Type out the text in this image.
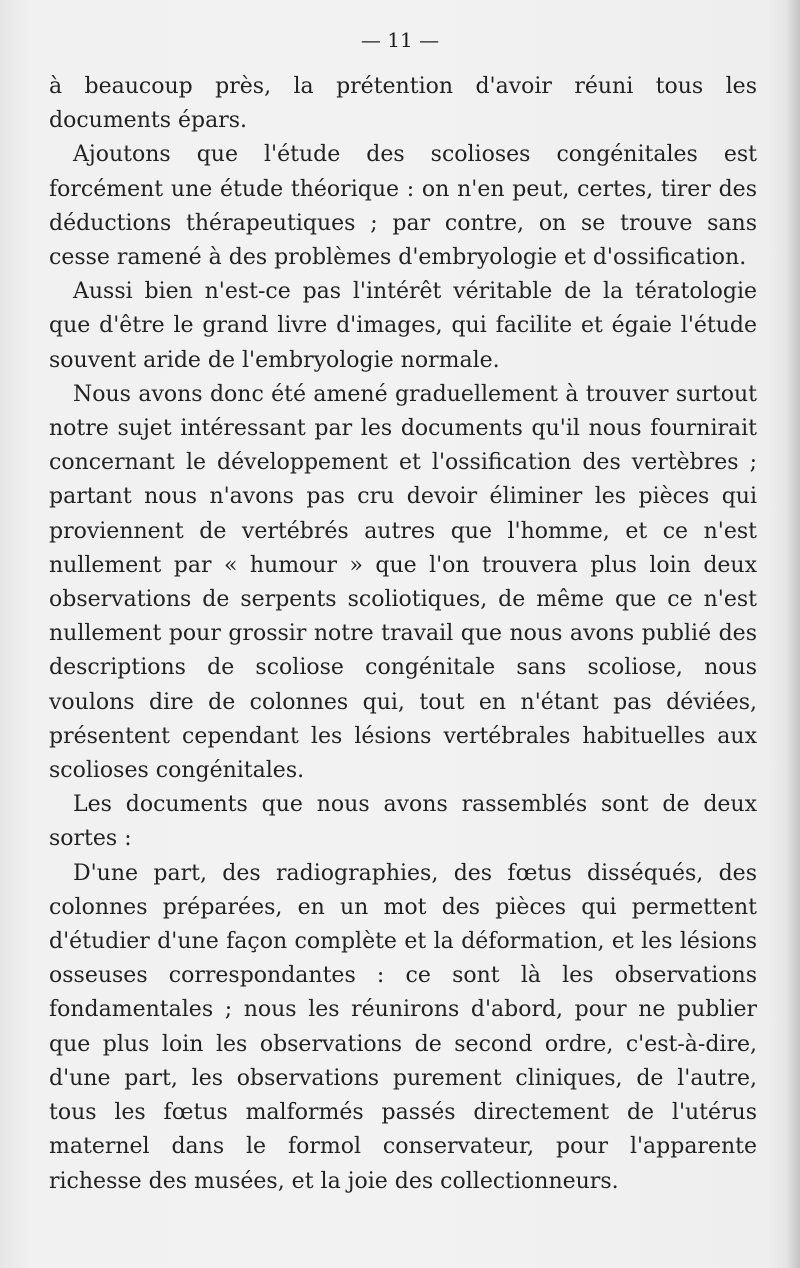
— 11 —

à beaucoup près, la prétention d'avoir réuni tous les documents épars.

Ajoutons que l'étude des scolioses congénitales est forcément une étude théorique : on n'en peut, certes, tirer des déductions thérapeutiques ; par contre, on se trouve sans cesse ramené à des problèmes d'embryologie et d'ossification.

Aussi bien n'est-ce pas l'intérêt véritable de la tératologie que d'être le grand livre d'images, qui facilite et égaie l'étude souvent aride de l'embryologie normale.

Nous avons donc été amené graduellement à trouver surtout notre sujet intéressant par les documents qu'il nous fournirait concernant le développement et l'ossification des vertèbres ; partant nous n'avons pas cru devoir éliminer les pièces qui proviennent de vertébrés autres que l'homme, et ce n'est nullement par « humour » que l'on trouvera plus loin deux observations de serpents scoliotiques, de même que ce n'est nullement pour grossir notre travail que nous avons publié des descriptions de scoliose congénitale sans scoliose, nous voulons dire de colonnes qui, tout en n'étant pas déviées, présentent cependant les lésions vertébrales habituelles aux scolioses congénitales.

Les documents que nous avons rassemblés sont de deux sortes :

D'une part, des radiographies, des fœtus disséqués, des colonnes préparées, en un mot des pièces qui permettent d'étudier d'une façon complète et la déformation, et les lésions osseuses correspondantes : ce sont là les observations fondamentales ; nous les réunirons d'abord, pour ne publier que plus loin les observations de second ordre, c'est-à-dire, d'une part, les observations purement cliniques, de l'autre, tous les fœtus malformés passés directement de l'utérus maternel dans le formol conservateur, pour l'apparente richesse des musées, et la joie des collectionneurs.
